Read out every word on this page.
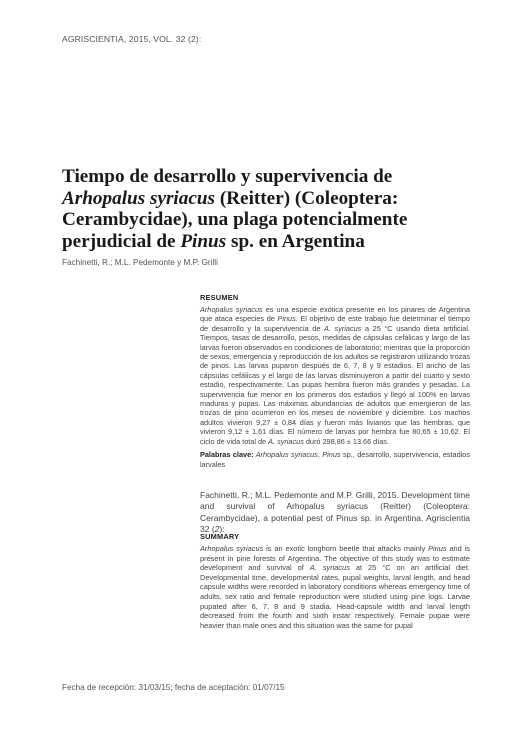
AGRISCIENTIA, 2015, VOL. 32 (2):
Tiempo de desarrollo y supervivencia de
Arhopalus syriacus (Reitter) (Coleoptera:
Cerambycidae), una plaga potencialmente
perjudicial de Pinus sp. en Argentina
Fachinetti, R.; M.L. Pedemonte y M.P. Grilli
RESUMEN

Arhopalus syriacus es una especie exótica presente en los pinares de Argentina que ataca especies de Pinus. El objetivo de este trabajo fue determinar el tiempo de desarrollo y la supervivencia de A. syriacus a 25 °C usando dieta artificial. Tiempos, tasas de desarrollo, pesos, medidas de cápsulas cefálicas y largo de las larvas fueron observados en condiciones de laboratorio; mientras que la proporción de sexos, emergencia y reproducción de los adultos se registraron utilizando trozas de pinos. Las larvas puparon después de 6, 7, 8 y 9 estadios. El ancho de las cápsulas cefálicas y el largo de las larvas disminuyeron a partir del cuarto y sexto estadio, respectivamente. Las pupas hembra fueron más grandes y pesadas. La supervivencia fue menor en los primeros dos estadios y llegó al 100% en larvas maduras y pupas. Las máximas abundancias de adultos que emergieron de las trozas de pino ocurrieron en los meses de noviembre y diciembre. Los machos adultos vivieron 9,27 ± 0,84 días y fueron más livianos que las hembras, que vivieron 9,12 ± 1,61 días. El número de larvas por hembra fue 80,65 ± 10,62. El ciclo de vida total de A. syriacus duró 298,86 ± 13.66 días.

Palabras clave: Arhopalus syriacus, Pinus sp., desarrollo, supervivencia, estadios larvales

Fachinetti, R.; M.L. Pedemonte and M.P. Grilli, 2015. Development time and survival of Arhopalus syriacus (Reitter) (Coleoptera: Cerambycidae), a potential pest of Pinus sp. in Argentina. Agriscientia 32 (2):

SUMMARY

Arhopalus syriacus is an exotic longhorn beetle that attacks mainly Pinus and is present in pine forests of Argentina. The objective of this study was to estimate development and survival of A. syriacus at 25 °C on an artificial diet. Developmental time, developmental rates, pupal weights, larval length, and head capsule widths were recorded in laboratory conditions whereas emergency time of adults, sex ratio and female reproduction were studied using pine logs. Larvae pupated after 6, 7, 8 and 9 stadia. Head-capsule width and larval length decreased from the fourth and sixth instar respectively. Female pupae were heavier than male ones and this situation was the same for pupal

Fecha de recepción: 31/03/15; fecha de aceptación: 01/07/15
